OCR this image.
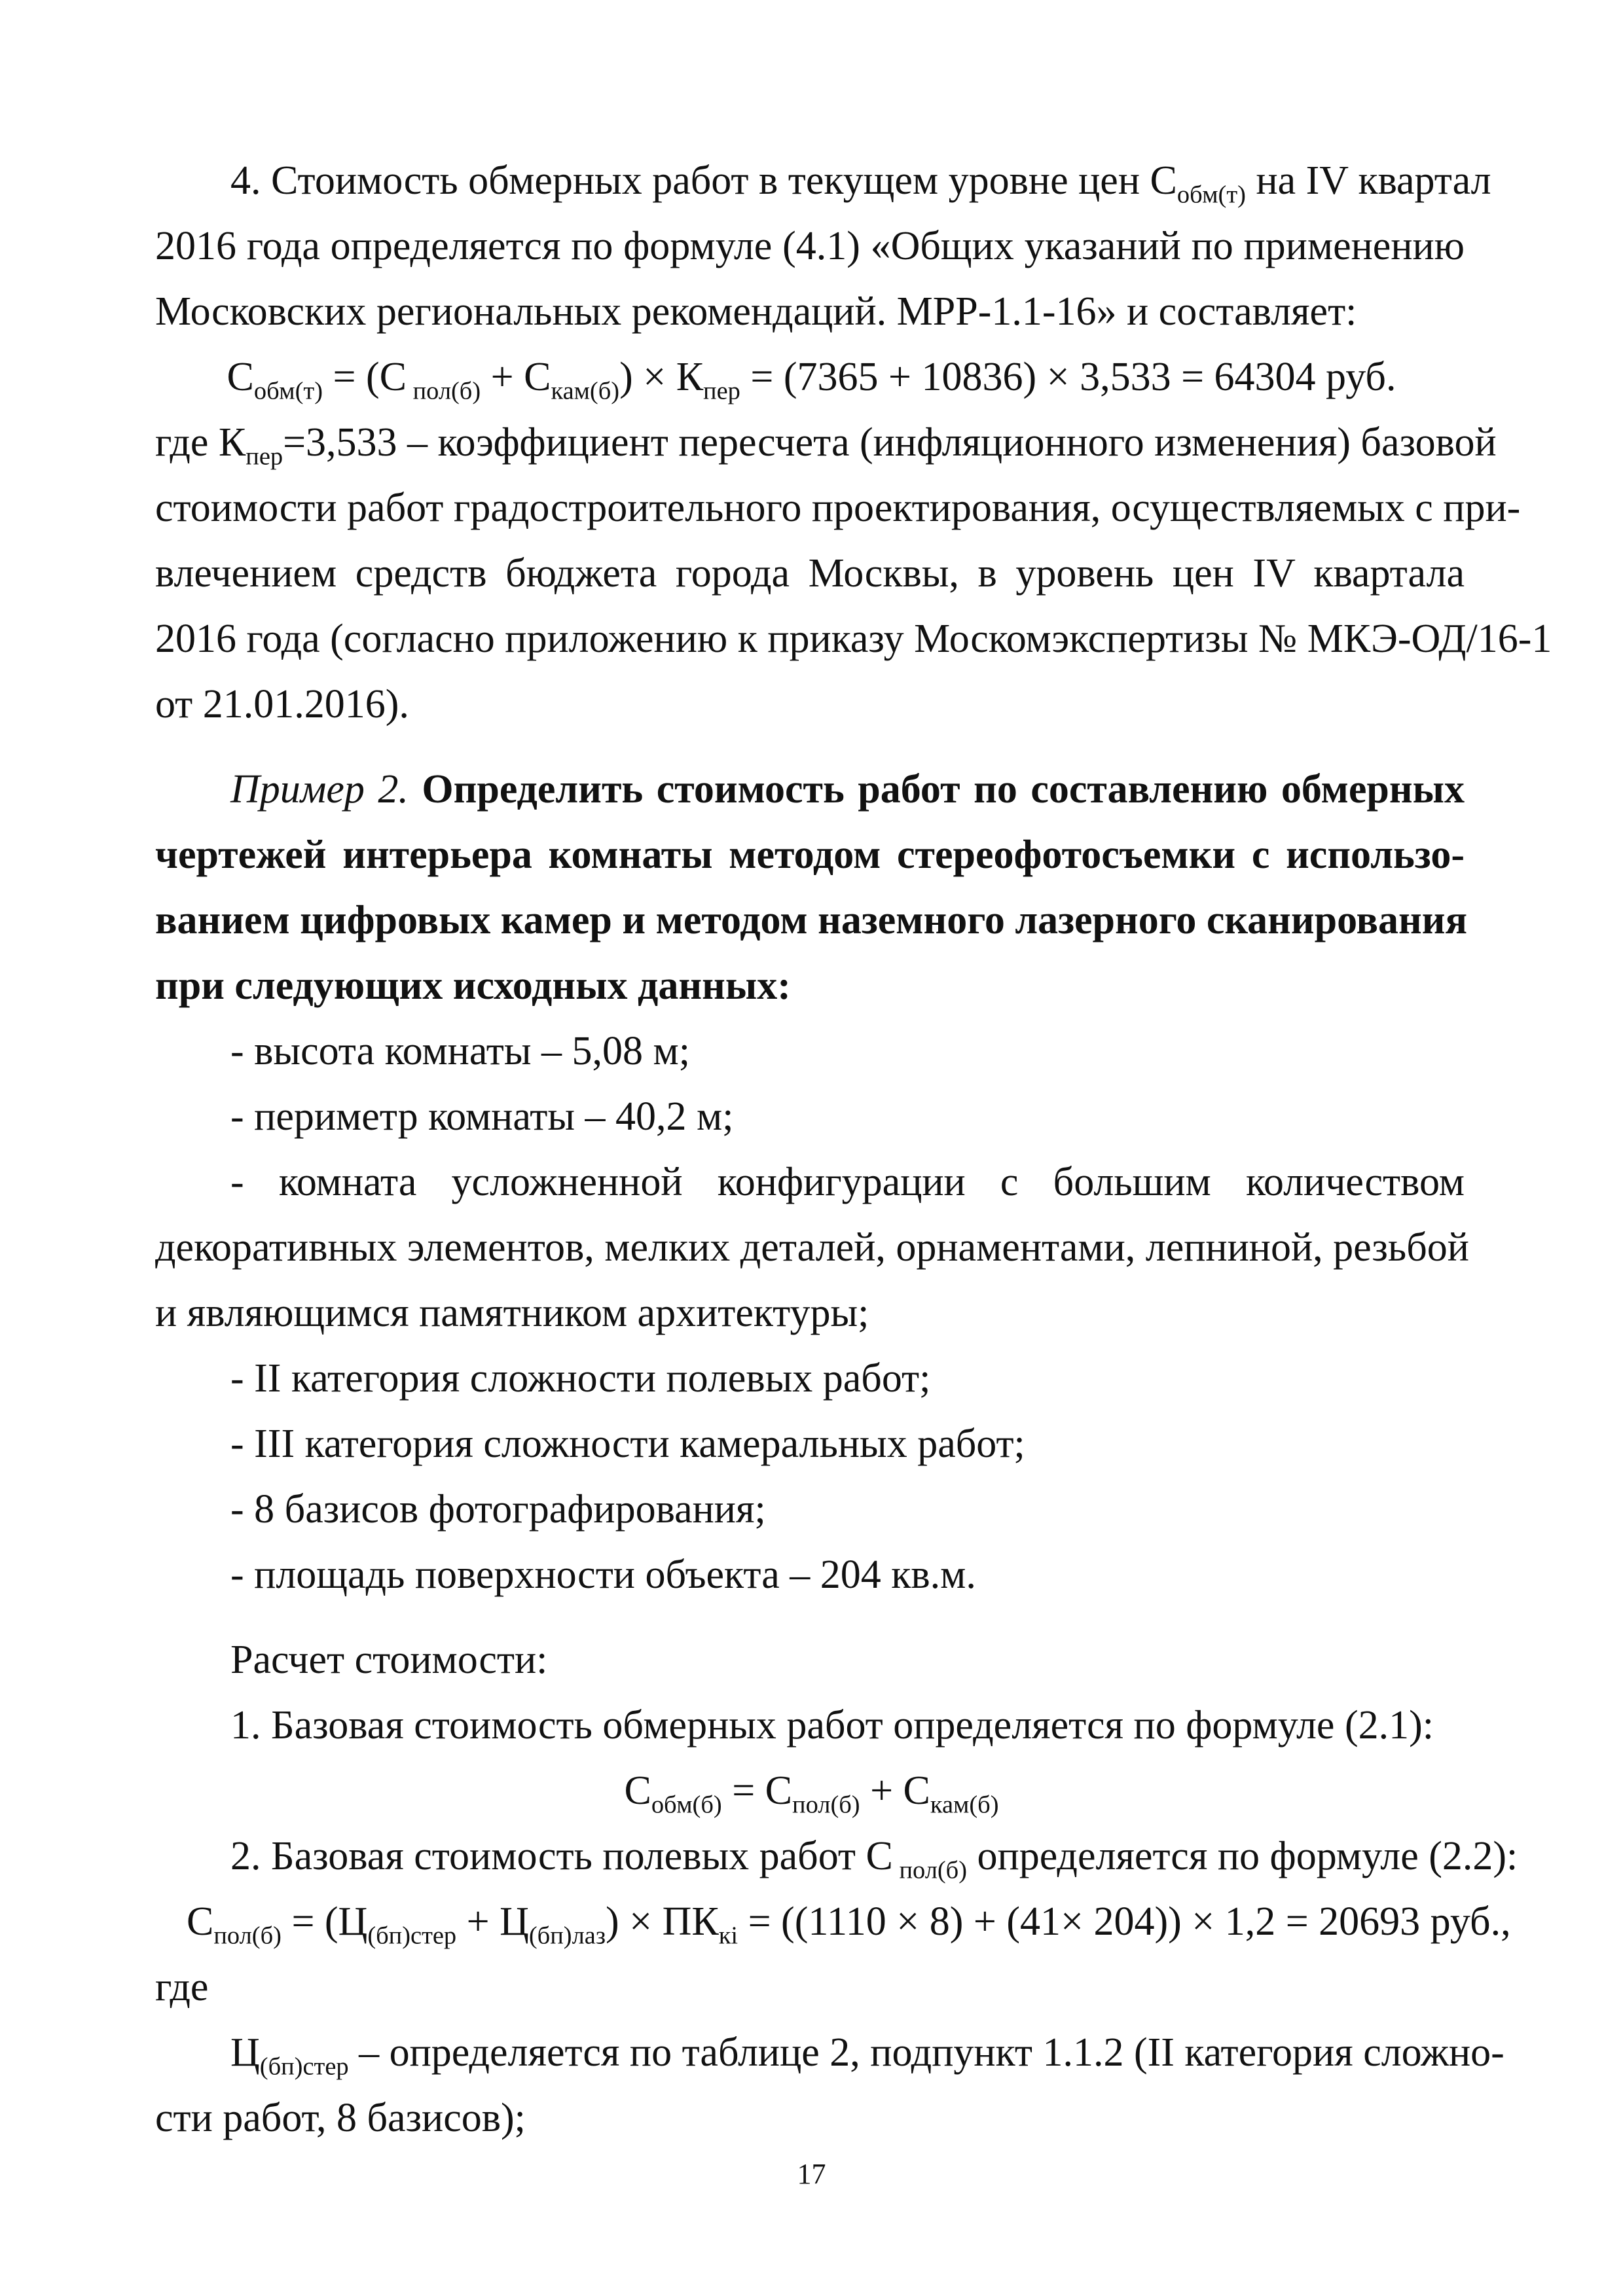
4. Стоимость обмерных работ в текущем уровне цен $С_{обм(т)}$ на IV квартал
2016 года определяется по формуле (4.1) «Общих указаний по применению
Московских региональных рекомендаций. МРР-1.1-16» и составляет:
$С_{обм(т)} = (С$ $_{пол(б)} + С_{кам(б)}) \times К_{пер} = (7365 + 10836) \times 3,533 = 64304$ руб.
где $К_{пер}=3,533$ – коэффициент пересчета (инфляционного изменения) базовой
стоимости работ градостроительного проектирования, осуществляемых с при-
влечением средств бюджета города Москвы, в уровень цен IV квартала
2016 года (согласно приложению к приказу Москомэкспертизы № МКЭ-ОД/16-1
от 21.01.2016).
Пример 2. Определить стоимость работ по составлению обмерных
чертежей интерьера комнаты методом стереофотосъемки с использо-
ванием цифровых камер и методом наземного лазерного сканирования
при следующих исходных данных:
- высота комнаты – 5,08 м;
- периметр комнаты – 40,2 м;
- комната усложненной конфигурации с большим количеством
декоративных элементов, мелких деталей, орнаментами, лепниной, резьбой
и являющимся памятником архитектуры;
- II категория сложности полевых работ;
- III категория сложности камеральных работ;
- 8 базисов фотографирования;
- площадь поверхности объекта – 204 кв.м.
Расчет стоимости:
1. Базовая стоимость обмерных работ определяется по формуле (2.1):
$С_{обм(б)} = С_{пол(б)} + С_{кам(б)}$
2. Базовая стоимость полевых работ С $_{пол(б)}$ определяется по формуле (2.2):
$С_{пол(б)} = (Ц_{(бп)стер} + Ц_{(бп)лаз}) \times ПК_{кi} = ((1110 \times 8) + (41\times 204)) \times 1,2 = 20693$ руб.,
где
$Ц_{(бп)стер}$ – определяется по таблице 2, подпункт 1.1.2 (II категория сложно-
сти работ, 8 базисов);
17
